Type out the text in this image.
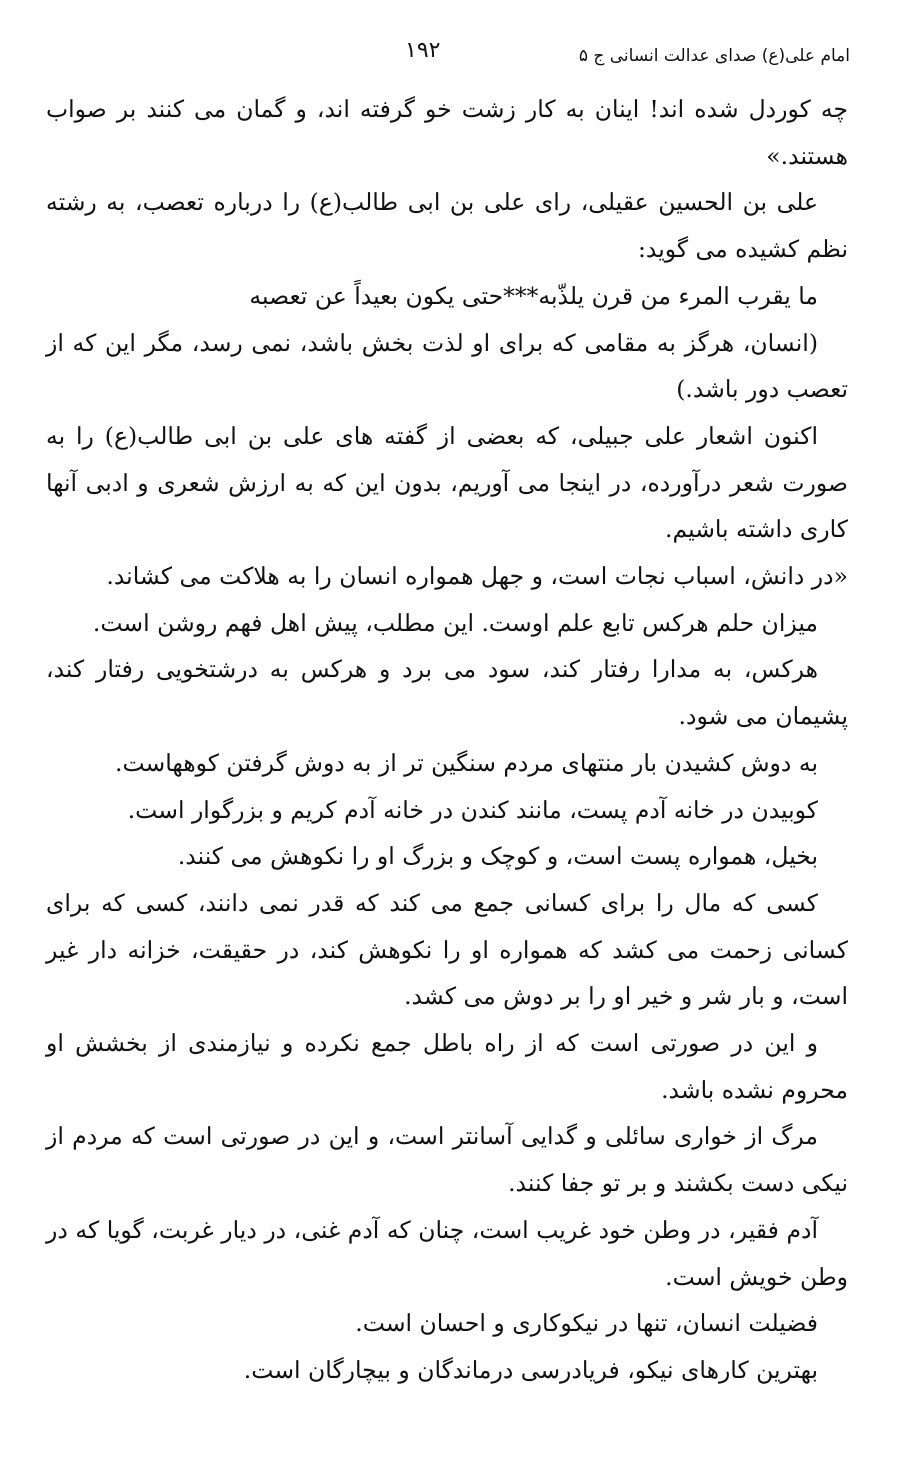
امام علی(ع) صدای عدالت انسانی ج ۵
۱۹۲

چه کوردل شده اند! اینان به کار زشت خو گرفته اند، و گمان می کنند بر صواب هستند.»

علی بن الحسین عقیلی، رای علی بن ابی طالب(ع) را درباره تعصب، به رشته نظم کشیده می گوید:

ما یقرب المرء من قرن یلذّبه***حتی یکون بعیداً عن تعصبه

(انسان، هرگز به مقامی که برای او لذت بخش باشد، نمی رسد، مگر این که از تعصب دور باشد.)

اکنون اشعار علی جبیلی، که بعضی از گفته های علی بن ابی طالب(ع) را به صورت شعر درآورده، در اینجا می آوریم، بدون این که به ارزش شعری و ادبی آنها کاری داشته باشیم.

«در دانش، اسباب نجات است، و جهل همواره انسان را به هلاکت می کشاند.

میزان حلم هرکس تابع علم اوست. این مطلب، پیش اهل فهم روشن است.

هرکس، به مدارا رفتار کند، سود می برد و هرکس به درشتخویی رفتار کند، پشیمان می شود.

به دوش کشیدن بار منتهای مردم سنگین تر از به دوش گرفتن کوههاست.

کوبیدن در خانه آدم پست، مانند کندن در خانه آدم کریم و بزرگوار است.

بخیل، همواره پست است، و کوچک و بزرگ او را نکوهش می کنند.

کسی که مال را برای کسانی جمع می کند که قدر نمی دانند، کسی که برای کسانی زحمت می کشد که همواره او را نکوهش کند، در حقیقت، خزانه دار غیر است، و بار شر و خیر او را بر دوش می کشد.

و این در صورتی است که از راه باطل جمع نکرده و نیازمندی از بخشش او محروم نشده باشد.

مرگ از خواری سائلی و گدایی آسانتر است، و این در صورتی است که مردم از نیکی دست بکشند و بر تو جفا کنند.

آدم فقیر، در وطن خود غریب است، چنان که آدم غنی، در دیار غربت، گویا که در وطن خویش است.

فضیلت انسان، تنها در نیکوکاری و احسان است.

بهترین کارهای نیکو، فریادرسی درماندگان و بیچارگان است.
